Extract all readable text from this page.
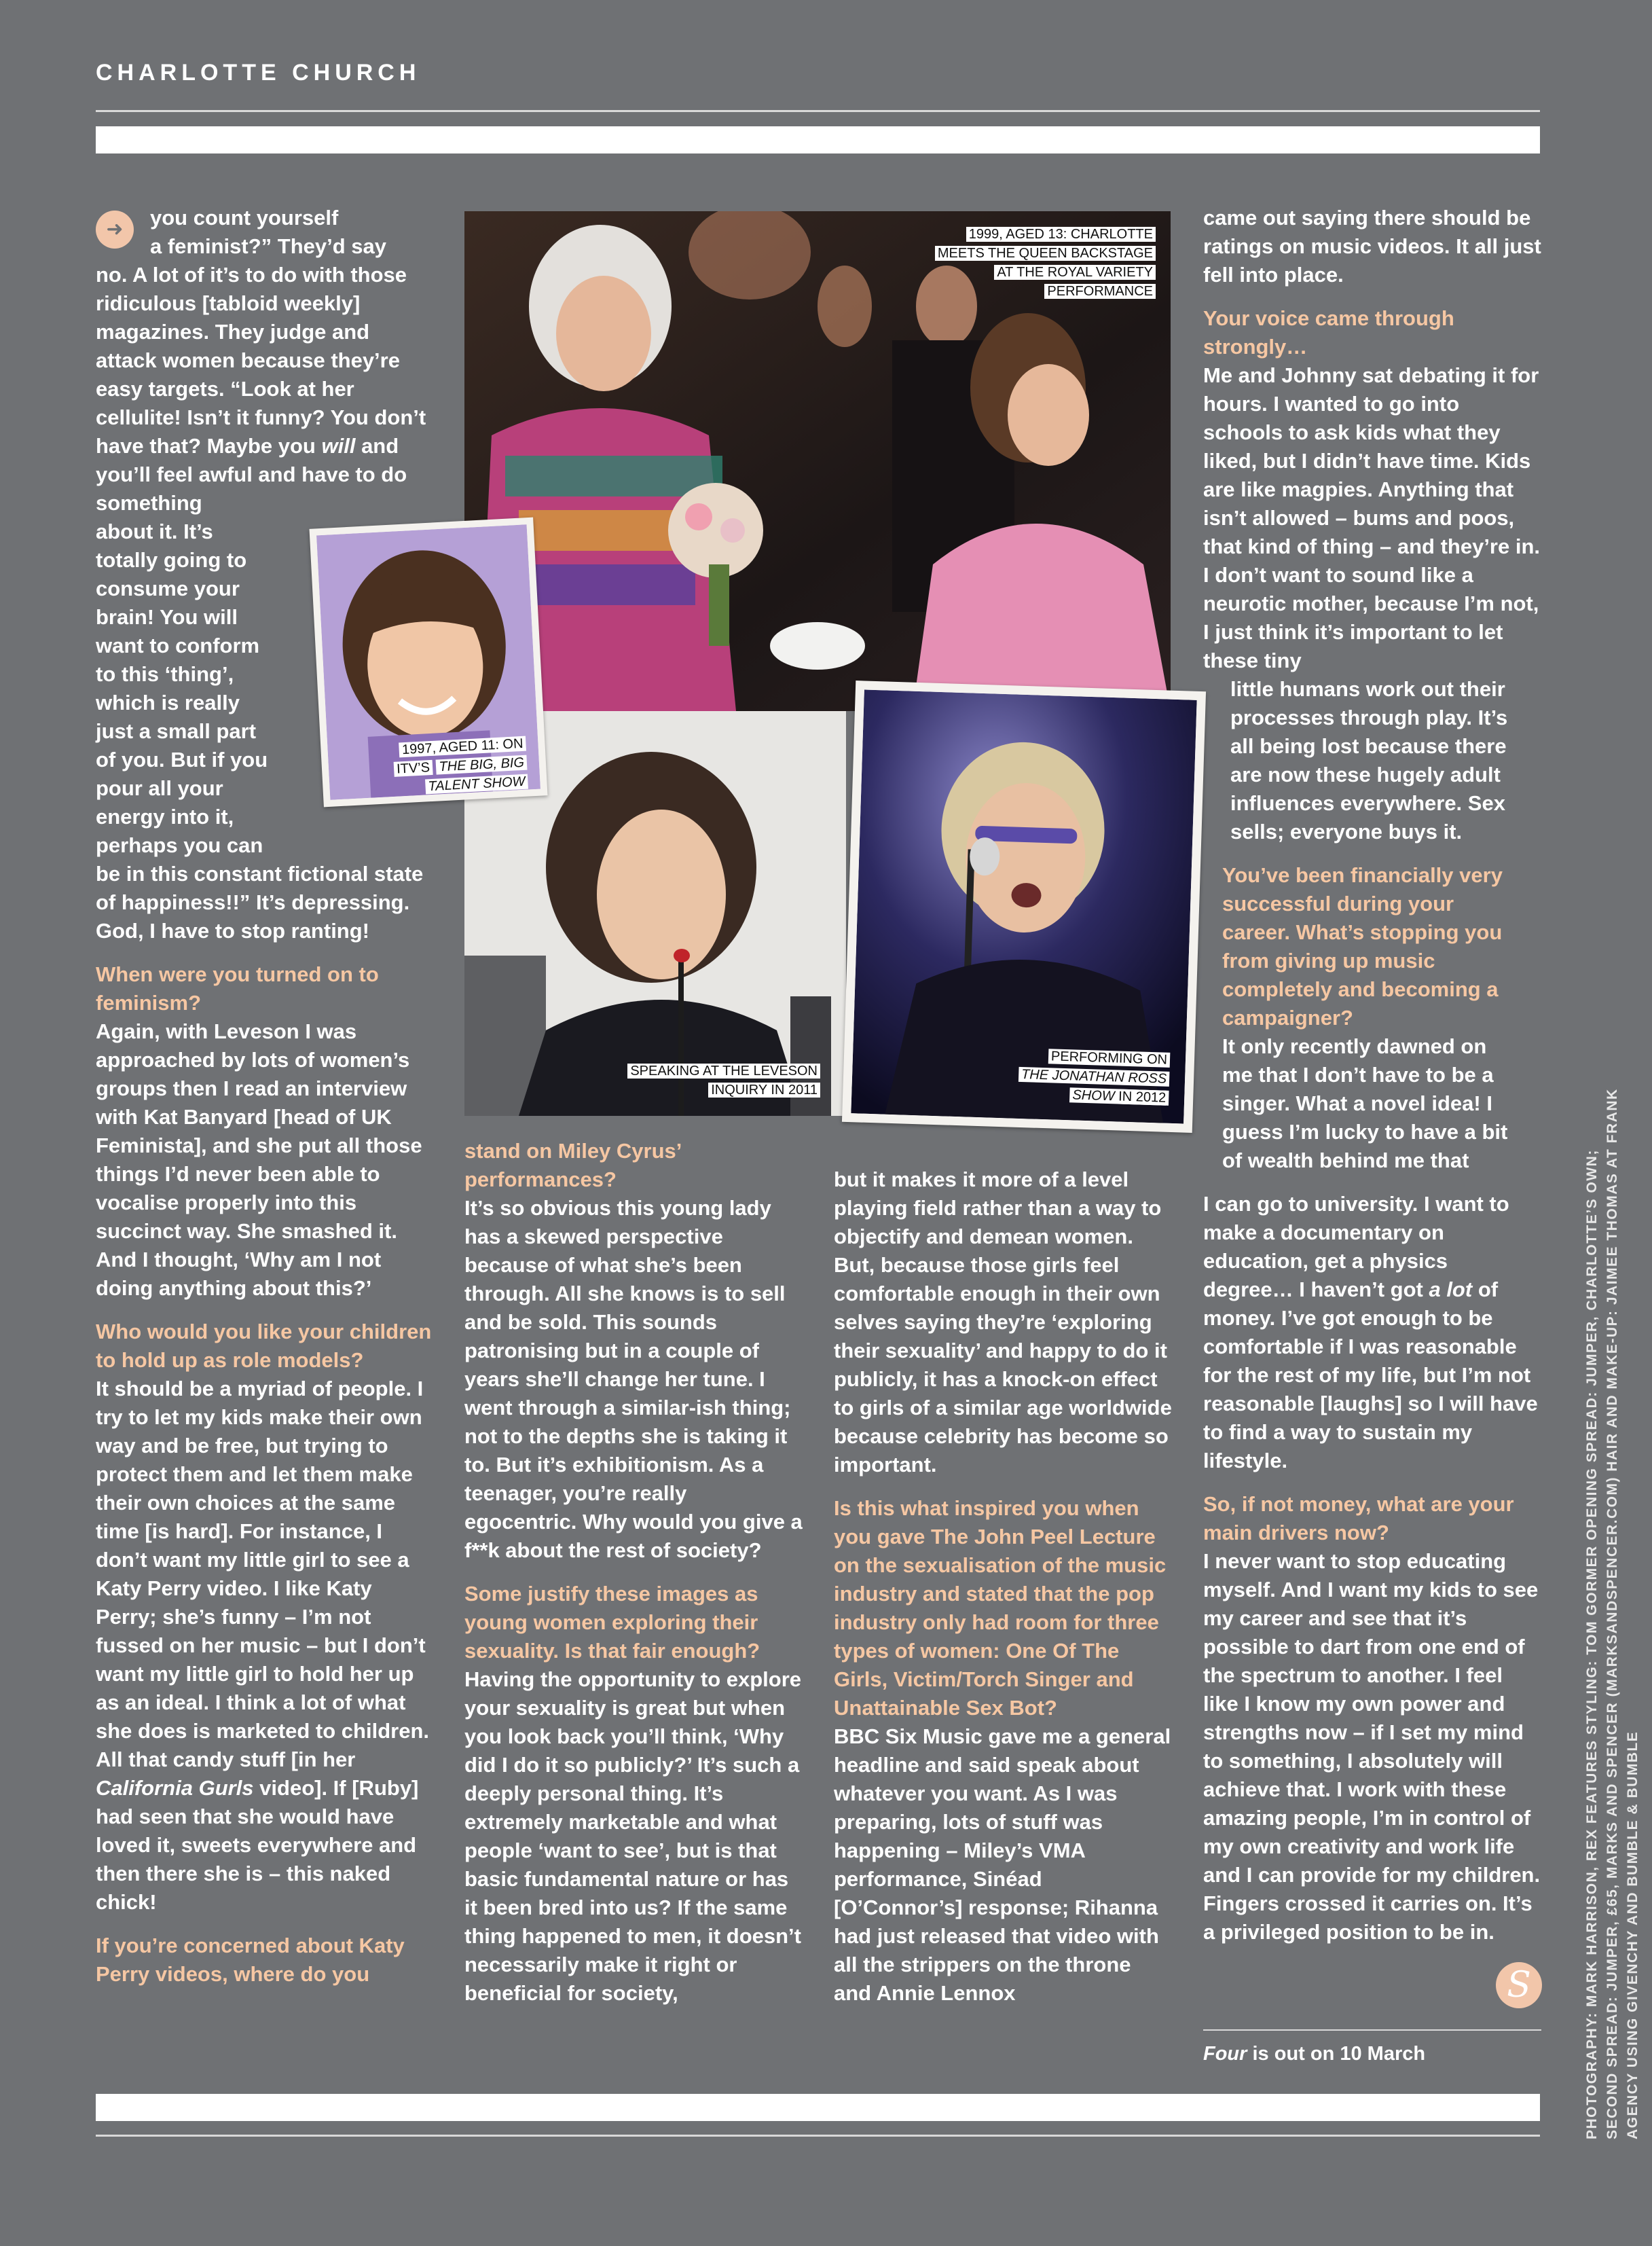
CHARLOTTE CHURCH

➜	you count yourself
a feminist?” They’d say
no. A lot of it’s to do with those ridiculous [tabloid weekly] magazines. They judge and attack women because they’re easy targets. “Look at her cellulite! Isn’t it funny? You don’t have that? Maybe you will and you’ll feel awful and have to do something
about it. It’s
totally going to
consume your
brain! You will
want to conform
to this ‘thing’,
which is really
just a small part
of you. But if you
pour all your
energy into it,
perhaps you can
be in this constant fictional state of happiness!!” It’s depressing. God, I have to stop ranting!

When were you turned on to feminism?
Again, with Leveson I was approached by lots of women’s groups then I read an interview with Kat Banyard [head of UK Feminista], and she put all those things I’d never been able to vocalise properly into this succinct way. She smashed it. And I thought, ‘Why am I not doing anything about this?’

Who would you like your children to hold up as role models?
It should be a myriad of people. I try to let my kids make their own way and be free, but trying to protect them and let them make their own choices at the same time [is hard]. For instance, I don’t want my little girl to see a Katy Perry video. I like Katy Perry; she’s funny – I’m not fussed on her music – but I don’t want my little girl to hold her up as an ideal. I think a lot of what she does is marketed to children. All that candy stuff [in her California Gurls video]. If [Ruby] had seen that she would have loved it, sweets everywhere and then there she is – this naked chick!

If you’re concerned about Katy Perry videos, where do you

1999, AGED 13: CHARLOTTE MEETS THE QUEEN BACKSTAGE AT THE ROYAL VARIETY PERFORMANCE
SPEAKING AT THE LEVESON INQUIRY IN 2011
1997, AGED 11: ON ITV’S THE BIG, BIG TALENT SHOW
PERFORMING ON
THE JONATHAN ROSS SHOW IN 2012

stand on Miley Cyrus’ performances?
It’s so obvious this young lady has a skewed perspective because of what she’s been through. All she knows is to sell and be sold. This sounds patronising but in a couple of years she’ll change her tune. I went through a similar-ish thing; not to the depths she is taking it to. But it’s exhibitionism. As a teenager, you’re really egocentric. Why would you give a f**k about the rest of society?

Some justify these images as young women exploring their sexuality. Is that fair enough?
Having the opportunity to explore your sexuality is great but when you look back you’ll think, ‘Why did I do it so publicly?’ It’s such a deeply personal thing. It’s extremely marketable and what people ‘want to see’, but is that basic fundamental nature or has it been bred into us? If the same thing happened to men, it doesn’t necessarily make it right or beneficial for society,

but it makes it more of a level playing field rather than a way to objectify and demean women. But, because those girls feel comfortable enough in their own selves saying they’re ‘exploring their sexuality’ and happy to do it publicly, it has a knock-on effect to girls of a similar age worldwide because celebrity has become so important.

Is this what inspired you when you gave The John Peel Lecture on the sexualisation of the music industry and stated that the pop industry only had room for three types of women: One Of The Girls, Victim/Torch Singer and Unattainable Sex Bot?
BBC Six Music gave me a general headline and said speak about whatever you want. As I was preparing, lots of stuff was happening – Miley’s VMA performance, Sinéad [O’Connor’s] response; Rihanna had just released that video with all the strippers on the throne and Annie Lennox

came out saying there should be ratings on music videos. It all just fell into place.

Your voice came through strongly…
Me and Johnny sat debating it for hours. I wanted to go into schools to ask kids what they liked, but I didn’t have time. Kids are like magpies. Anything that isn’t allowed – bums and poos, that kind of thing – and they’re in. I don’t want to sound like a neurotic mother, because I’m not, I just think it’s important to let these tiny
little humans work out their processes through play. It’s all being lost because there are now these hugely adult influences everywhere. Sex sells; everyone buys it.

You’ve been financially very successful during your career. What’s stopping you from giving up music completely and becoming a campaigner?
It only recently dawned on me that I don’t have to be a singer. What a novel idea! I guess I’m lucky to have a bit of wealth behind me that

I can go to university. I want to make a documentary on education, get a physics degree… I haven’t got a lot of money. I’ve got enough to be comfortable if I was reasonable for the rest of my life, but I’m not reasonable [laughs] so I will have to find a way to sustain my lifestyle.

So, if not money, what are your main drivers now?
I never want to stop educating myself. And I want my kids to see my career and see that it’s possible to dart from one end of the spectrum to another. I feel like I know my own power and strengths now – if I set my mind to something, I absolutely will achieve that. I work with these amazing people, I’m in control of my own creativity and work life and I can provide for my children. Fingers crossed it carries on. It’s a privileged position to be in.

S
Four is out on 10 March	PHOTOGRAPHY: MARK HARRISON, REX FEATURES STYLING: TOM GORMER OPENING SPREAD: JUMPER, CHARLOTTE’S OWN; SECOND SPREAD: JUMPER, £65, MARKS AND SPENCER (MARKSANDSPENCER.COM) HAIR AND MAKE-UP: JAIMEE THOMAS AT FRANK AGENCY USING GIVENCHY AND BUMBLE & BUMBLE
